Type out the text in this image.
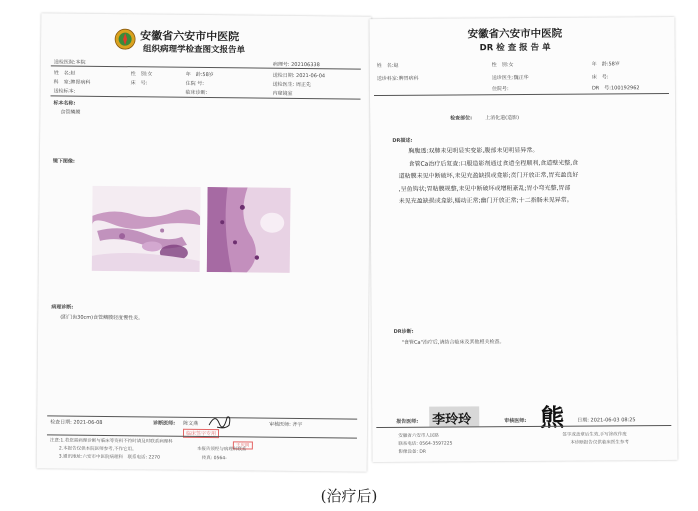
安徽省六安市中医院
组织病理学检查图文报告单
送检医院:本院	病理号: 202106338
姓　名:赵	性　别:女	年　龄:58岁	送检日期: 2021-06-04
科　室:脾胃病科	床　号:	住院 号:	送检医生: 周正先
送检标本:	临床诊断:	内窥镜室
标本名称:
食管鳞膜
镜下图像:
病理诊断:
(距门齿30cm)食管鳞膜轻度慢性炎。
检查日期: 2021-06-08	诊断医师: 陈文燕	审核医师: 齐宇
临床签字专用
王庆明
注意:1.若您需病理诊断与临床等资料不符时请及时联系病理科
本报告须经与病理科联系
2.本报告仅供本院医师参考,不作它用。
3.通讯地址:六安市中医院病理科　联系电话: 2270	传真: 0564-
安徽省六安市中医院
DR 检 查 报 告 单
姓　名:赵	性　别:女	年　龄:58岁
送诊科室:脾胃病科	送诊医生:魏正华	床　号:
住院号:	DR　号:100192962
检查部位:	上消化道(造影)
DR描述:
胸腹透:双肺未见明显实变影,腹部未见明显异常。
食管Ca治疗后复查:口服造影剂通过食道全程顺利,食道壁光整,食
道粘膜未见中断破坏,未见充盈缺损或龛影;贲门开放正常,胃充盈良好
,呈鱼钩状;胃粘膜规整,未见中断破坏或增粗紊乱;胃小弯光整,胃部
未见充盈缺损或龛影,蠕动正常;幽门开放正常;十二指肠未见异常。
DR诊断:
"食管Ca"治疗后,请结合临床及其他相关检查。
报告医师: 李玲玲	审核医师: 熊	日期: 2021-06-03 08:25
安徽省六安市人民路
联系电话: 0564-3597225
影像设备: DR
签字或盖章后生效,手写涂改作废
本诊断报告仅供临床医生参考
(治疗后)
